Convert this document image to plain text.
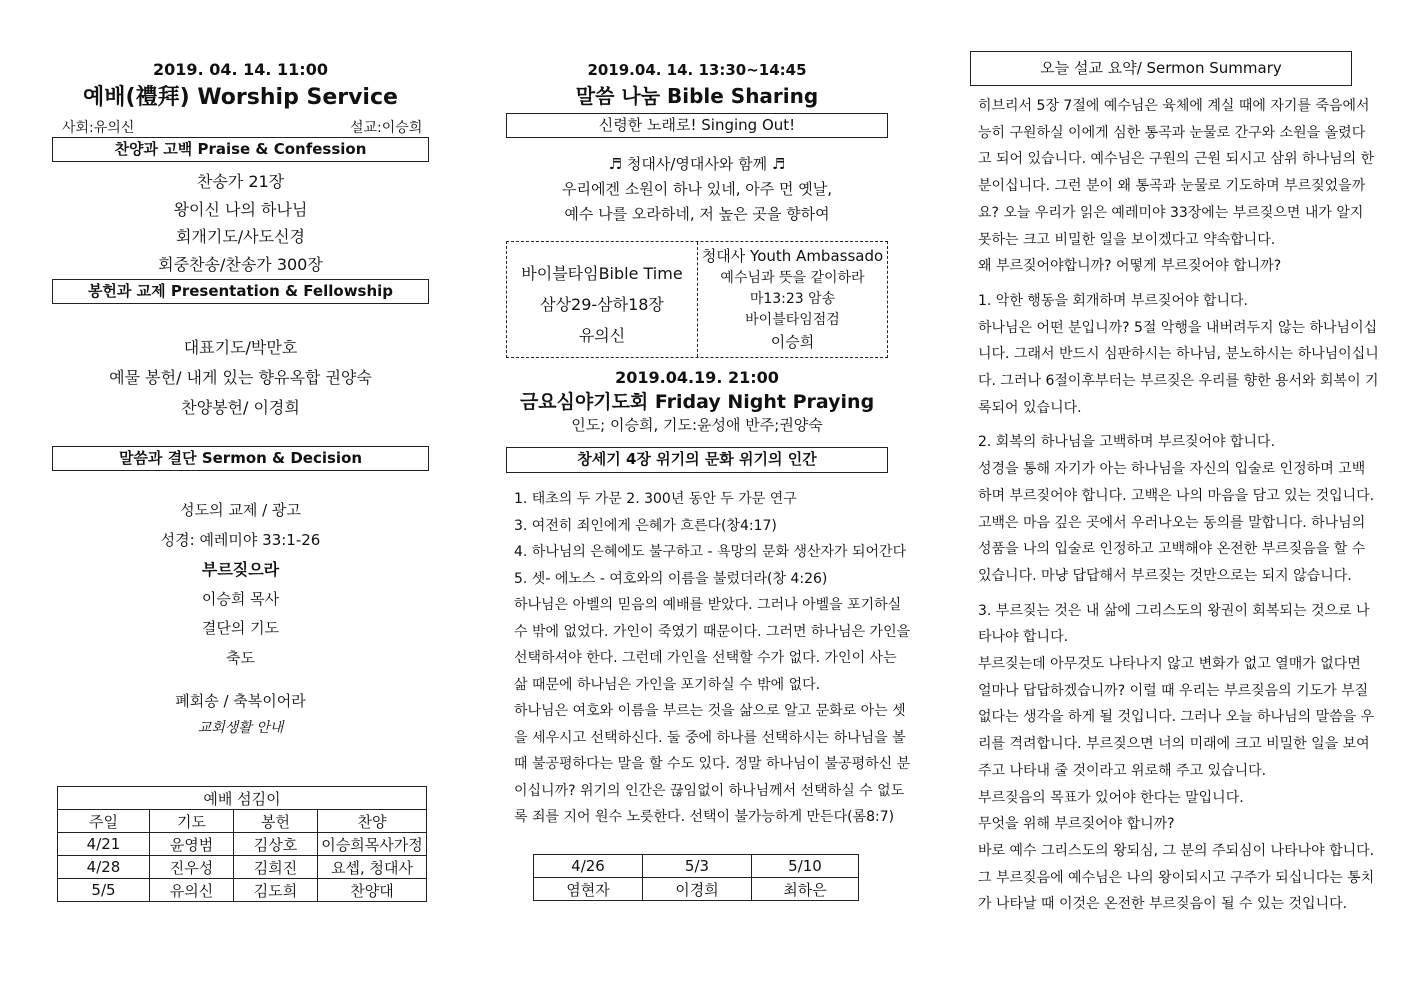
2019. 04. 14. 11:00
예배(禮拜) Worship Service
사회:유의신	설교:이승희
찬양과 고백 Praise & Confession
찬송가 21장
왕이신 나의 하나님
회개기도/사도신경
회중찬송/찬송가 300장
봉헌과 교제 Presentation & Fellowship
대표기도/박만호
예물 봉헌/ 내게 있는 향유옥합 권양숙
찬양봉헌/ 이경희
말씀과 결단 Sermon & Decision
성도의 교제 / 광고
성경: 예레미야 33:1-26
부르짖으라
이승희 목사
결단의 기도
축도
폐회송 / 축복이어라
교회생활 안내
예배 섬김이			
주일	기도	봉헌	찬양
4/21	윤영범	김상호	이승희목사가정
4/28	진우성	김희진	요셉, 청대사
5/5	유의신	김도희	찬양대
2019.04. 14. 13:30~14:45
말씀 나눔 Bible Sharing
신령한 노래로! Singing Out!
♬ 청대사/영대사와 함께 ♬
우리에겐 소원이 하나 있네, 아주 먼 옛날,
예수 나를 오라하네, 저 높은 곳을 향하여
바이블타임Bible Time
삼상29-삼하18장
유의신
청대사 Youth Ambassado
예수님과 뜻을 같이하라
마13:23 암송
바이블타임점검
이승희
2019.04.19. 21:00
금요심야기도회 Friday Night Praying
인도; 이승희, 기도:윤성애 반주;권양숙
창세기 4장 위기의 문화 위기의 인간
1. 태초의 두 가문 2. 300년 동안 두 가문 연구
3. 여전히 죄인에게 은혜가 흐른다(창4:17)
4. 하나님의 은혜에도 불구하고 - 욕망의 문화 생산자가 되어간다
5. 셋- 에노스 - 여호와의 이름을 불렀더라(창 4:26)
하나님은 아벨의 믿음의 예배를 받았다. 그러나 아벨을 포기하실
수 밖에 없었다. 가인이 죽였기 때문이다. 그러면 하나님은 가인을
선택하셔야 한다. 그런데 가인을 선택할 수가 없다. 가인이 사는
삶 때문에 하나님은 가인을 포기하실 수 밖에 없다.
하나님은 여호와 이름을 부르는 것을 삶으로 알고 문화로 아는 셋
을 세우시고 선택하신다. 둘 중에 하나를 선택하시는 하나님을 볼
때 불공평하다는 말을 할 수도 있다. 정말 하나님이 불공평하신 분
이십니까? 위기의 인간은 끊임없이 하나님께서 선택하실 수 없도
록 죄를 지어 원수 노릇한다. 선택이 불가능하게 만든다(롬8:7)
4/26	5/3	5/10
염현자	이경희	최하은
오늘 설교 요약/ Sermon Summary
히브리서 5장 7절에 예수님은 육체에 계실 때에 자기를 죽음에서
능히 구원하실 이에게 심한 통곡과 눈물로 간구와 소원을 올렸다
고 되어 있습니다. 예수님은 구원의 근원 되시고 삼위 하나님의 한
분이십니다. 그런 분이 왜 통곡과 눈물로 기도하며 부르짖었을까
요? 오늘 우리가 읽은 예레미야 33장에는 부르짖으면 내가 알지
못하는 크고 비밀한 일을 보이겠다고 약속합니다.
왜 부르짖어야합니까? 어떻게 부르짖어야 합니까?
1. 악한 행동을 회개하며 부르짖어야 합니다.
하나님은 어떤 분입니까? 5절 악행을 내버려두지 않는 하나님이십
니다. 그래서 반드시 심판하시는 하나님, 분노하시는 하나님이십니
다. 그러나 6절이후부터는 부르짖은 우리를 향한 용서와 회복이 기
록되어 있습니다.
2. 회복의 하나님을 고백하며 부르짖어야 합니다.
성경을 통해 자기가 아는 하나님을 자신의 입술로 인정하며 고백
하며 부르짖어야 합니다. 고백은 나의 마음을 담고 있는 것입니다.
고백은 마음 깊은 곳에서 우러나오는 동의를 말합니다. 하나님의
성품을 나의 입술로 인정하고 고백해야 온전한 부르짖음을 할 수
있습니다. 마냥 답답해서 부르짖는 것만으로는 되지 않습니다.
3. 부르짖는 것은 내 삶에 그리스도의 왕권이 회복되는 것으로 나
타나야 합니다.
부르짖는데 아무것도 나타나지 않고 변화가 없고 열매가 없다면
얼마나 답답하겠습니까? 이럴 때 우리는 부르짖음의 기도가 부질
없다는 생각을 하게 될 것입니다. 그러나 오늘 하나님의 말씀을 우
리를 격려합니다. 부르짖으면 너의 미래에 크고 비밀한 일을 보여
주고 나타내 줄 것이라고 위로해 주고 있습니다.
부르짖음의 목표가 있어야 한다는 말입니다.
무엇을 위해 부르짖어야 합니까?
바로 예수 그리스도의 왕되심, 그 분의 주되심이 나타나야 합니다.
그 부르짖음에 예수님은 나의 왕이되시고 구주가 되십니다는 통치
가 나타날 때 이것은 온전한 부르짖음이 될 수 있는 것입니다.
